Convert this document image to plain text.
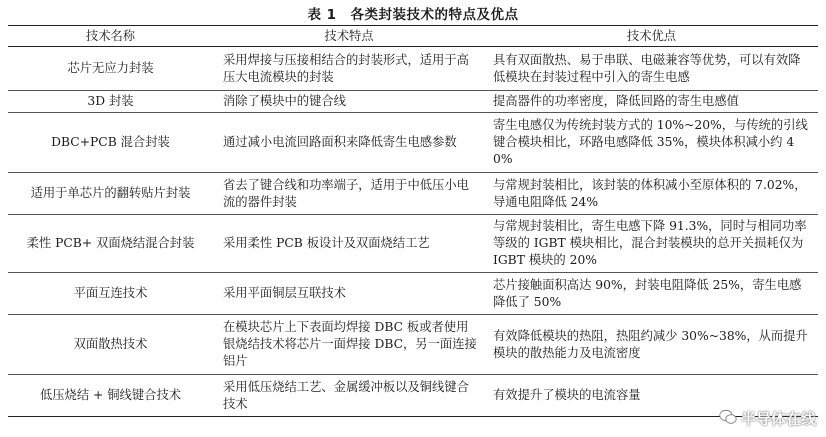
表 1　各类封装技术的特点及优点
技术名称	技术特点	技术优点
芯片无应力封装	采用焊接与压接相结合的封装形式，适用于高压大电流模块的封装	具有双面散热、易于串联、电磁兼容等优势，可以有效降低模块在封装过程中引入的寄生电感
3D 封装	消除了模块中的键合线	提高器件的功率密度，降低回路的寄生电感值
DBC+PCB 混合封装	通过减小电流回路面积来降低寄生电感参数	寄生电感仅为传统封装方式的 10%~20%，与传统的引线键合模块相比，环路电感降低 35%，模块体积减小约 40%
适用于单芯片的翻转贴片封装	省去了键合线和功率端子，适用于中低压小电流的器件封装	与常规封装相比，该封装的体积减小至原体积的 7.02%，导通电阻降低 24%
柔性 PCB+ 双面烧结混合封装	采用柔性 PCB 板设计及双面烧结工艺	与常规封装相比，寄生电感下降 91.3%，同时与相同功率等级的 IGBT 模块相比，混合封装模块的总开关损耗仅为 IGBT 模块的 20%
平面互连技术	采用平面铜层互联技术	芯片接触面积高达 90%，封装电阻降低 25%，寄生电感降低了 50%
双面散热技术	在模块芯片上下表面均焊接 DBC 板或者使用银烧结技术将芯片一面焊接 DBC，另一面连接铝片	有效降低模块的热阻，热阻约减少 30%~38%，从而提升模块的散热能力及电流密度
低压烧结 + 铜线键合技术	采用低压烧结工艺、金属缓冲板以及铜线键合技术	有效提升了模块的电流容量
半导体在线
